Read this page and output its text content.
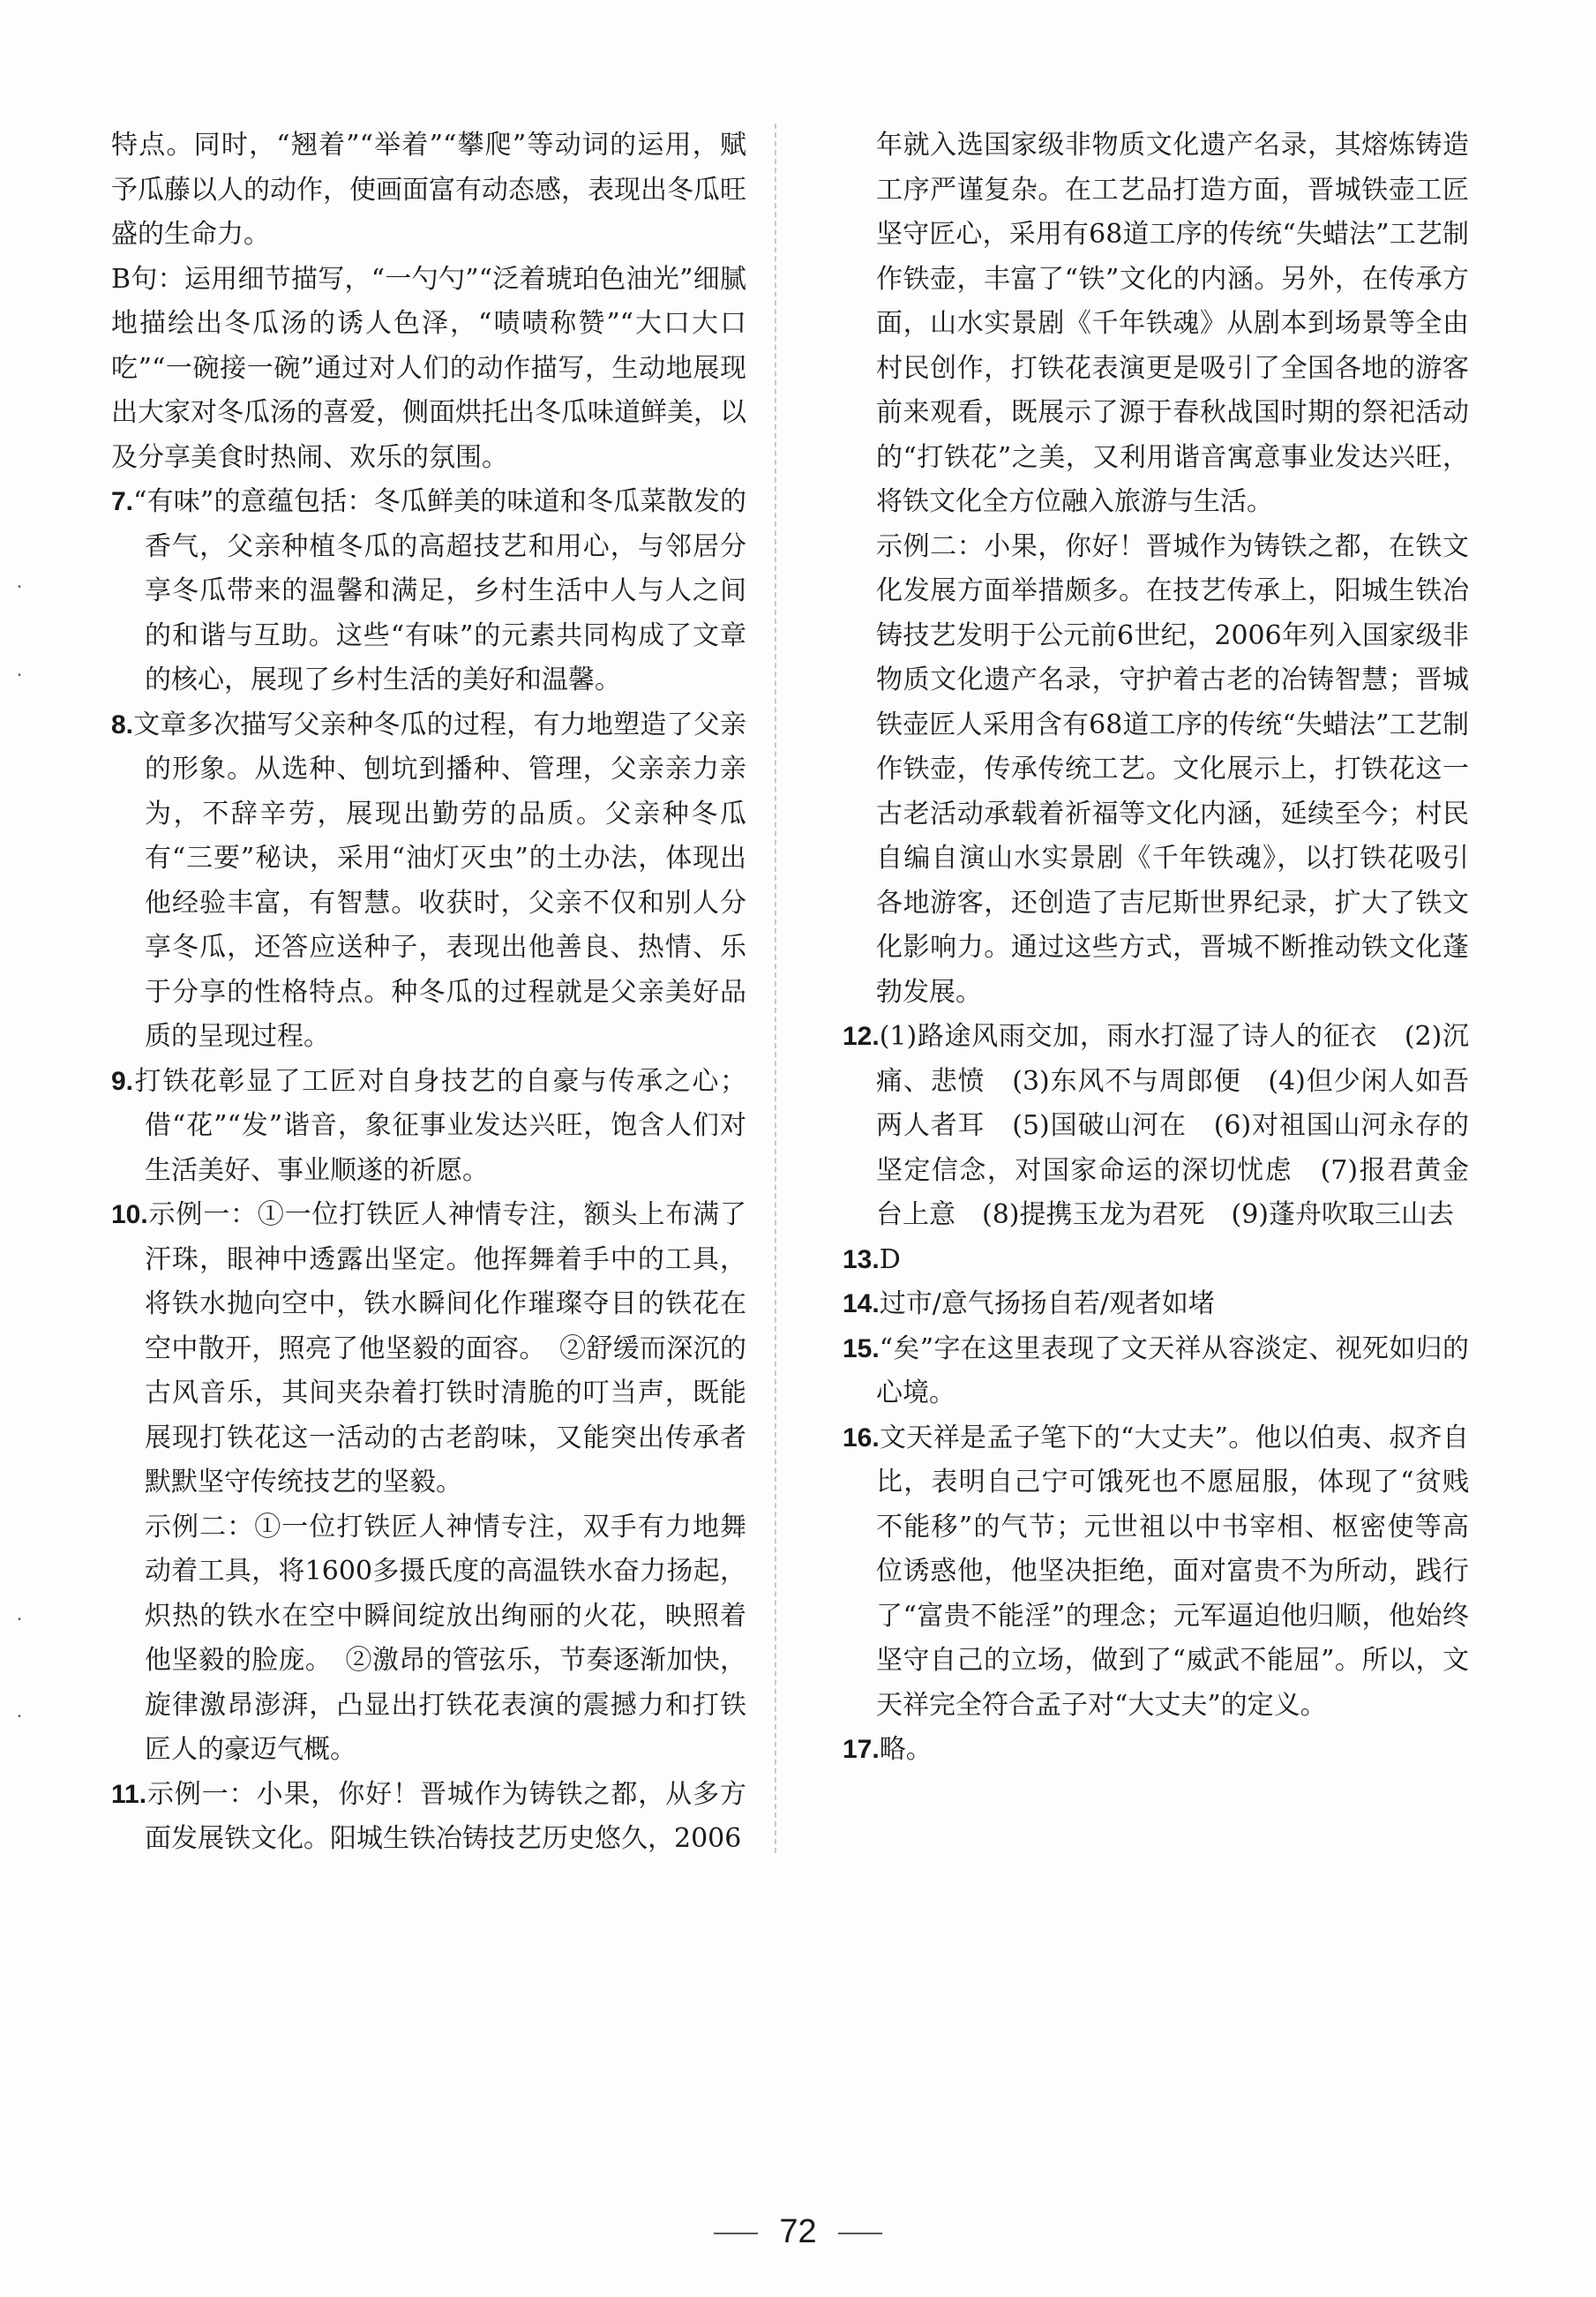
˙
˙
˙
˙

特点。同时，“翘着”“举着”“攀爬”等动词的运用，赋予瓜藤以人的动作，使画面富有动态感，表现出冬瓜旺盛的生命力。

B句：运用细节描写，“一勺勺”“泛着琥珀色油光”细腻地描绘出冬瓜汤的诱人色泽，“啧啧称赞”“大口大口吃”“一碗接一碗”通过对人们的动作描写，生动地展现出大家对冬瓜汤的喜爱，侧面烘托出冬瓜味道鲜美，以及分享美食时热闹、欢乐的氛围。

7.“有味”的意蕴包括：冬瓜鲜美的味道和冬瓜菜散发的香气，父亲种植冬瓜的高超技艺和用心，与邻居分享冬瓜带来的温馨和满足，乡村生活中人与人之间的和谐与互助。这些“有味”的元素共同构成了文章的核心，展现了乡村生活的美好和温馨。

8.文章多次描写父亲种冬瓜的过程，有力地塑造了父亲的形象。从选种、刨坑到播种、管理，父亲亲力亲为，不辞辛劳，展现出勤劳的品质。父亲种冬瓜有“三要”秘诀，采用“油灯灭虫”的土办法，体现出他经验丰富，有智慧。收获时，父亲不仅和别人分享冬瓜，还答应送种子，表现出他善良、热情、乐于分享的性格特点。种冬瓜的过程就是父亲美好品质的呈现过程。

9.打铁花彰显了工匠对自身技艺的自豪与传承之心；借“花”“发”谐音，象征事业发达兴旺，饱含人们对生活美好、事业顺遂的祈愿。

10.示例一：①一位打铁匠人神情专注，额头上布满了汗珠，眼神中透露出坚定。他挥舞着手中的工具，将铁水抛向空中，铁水瞬间化作璀璨夺目的铁花在空中散开，照亮了他坚毅的面容。　②舒缓而深沉的古风音乐，其间夹杂着打铁时清脆的叮当声，既能展现打铁花这一活动的古老韵味，又能突出传承者默默坚守传统技艺的坚毅。

示例二：①一位打铁匠人神情专注，双手有力地舞动着工具，将1600多摄氏度的高温铁水奋力扬起，炽热的铁水在空中瞬间绽放出绚丽的火花，映照着他坚毅的脸庞。　②激昂的管弦乐，节奏逐渐加快，旋律激昂澎湃，凸显出打铁花表演的震撼力和打铁匠人的豪迈气概。

11.示例一：小果，你好！晋城作为铸铁之都，从多方面发展铁文化。阳城生铁冶铸技艺历史悠久，2006

年就入选国家级非物质文化遗产名录，其熔炼铸造工序严谨复杂。在工艺品打造方面，晋城铁壶工匠坚守匠心，采用有68道工序的传统“失蜡法”工艺制作铁壶，丰富了“铁”文化的内涵。另外，在传承方面，山水实景剧《千年铁魂》从剧本到场景等全由村民创作，打铁花表演更是吸引了全国各地的游客前来观看，既展示了源于春秋战国时期的祭祀活动的“打铁花”之美，又利用谐音寓意事业发达兴旺，将铁文化全方位融入旅游与生活。

示例二：小果，你好！晋城作为铸铁之都，在铁文化发展方面举措颇多。在技艺传承上，阳城生铁冶铸技艺发明于公元前6世纪，2006年列入国家级非物质文化遗产名录，守护着古老的冶铸智慧；晋城铁壶匠人采用含有68道工序的传统“失蜡法”工艺制作铁壶，传承传统工艺。文化展示上，打铁花这一古老活动承载着祈福等文化内涵，延续至今；村民自编自演山水实景剧《千年铁魂》，以打铁花吸引各地游客，还创造了吉尼斯世界纪录，扩大了铁文化影响力。通过这些方式，晋城不断推动铁文化蓬勃发展。

12.(1)路途风雨交加，雨水打湿了诗人的征衣　(2)沉痛、悲愤　(3)东风不与周郎便　(4)但少闲人如吾两人者耳　(5)国破山河在　(6)对祖国山河永存的坚定信念，对国家命运的深切忧虑　(7)报君黄金台上意　(8)提携玉龙为君死　(9)蓬舟吹取三山去

13.D

14.过市/意气扬扬自若/观者如堵

15.“矣”字在这里表现了文天祥从容淡定、视死如归的心境。

16.文天祥是孟子笔下的“大丈夫”。他以伯夷、叔齐自比，表明自己宁可饿死也不愿屈服，体现了“贫贱不能移”的气节；元世祖以中书宰相、枢密使等高位诱惑他，他坚决拒绝，面对富贵不为所动，践行了“富贵不能淫”的理念；元军逼迫他归顺，他始终坚守自己的立场，做到了“威武不能屈”。所以，文天祥完全符合孟子对“大丈夫”的定义。

17.略。

72
